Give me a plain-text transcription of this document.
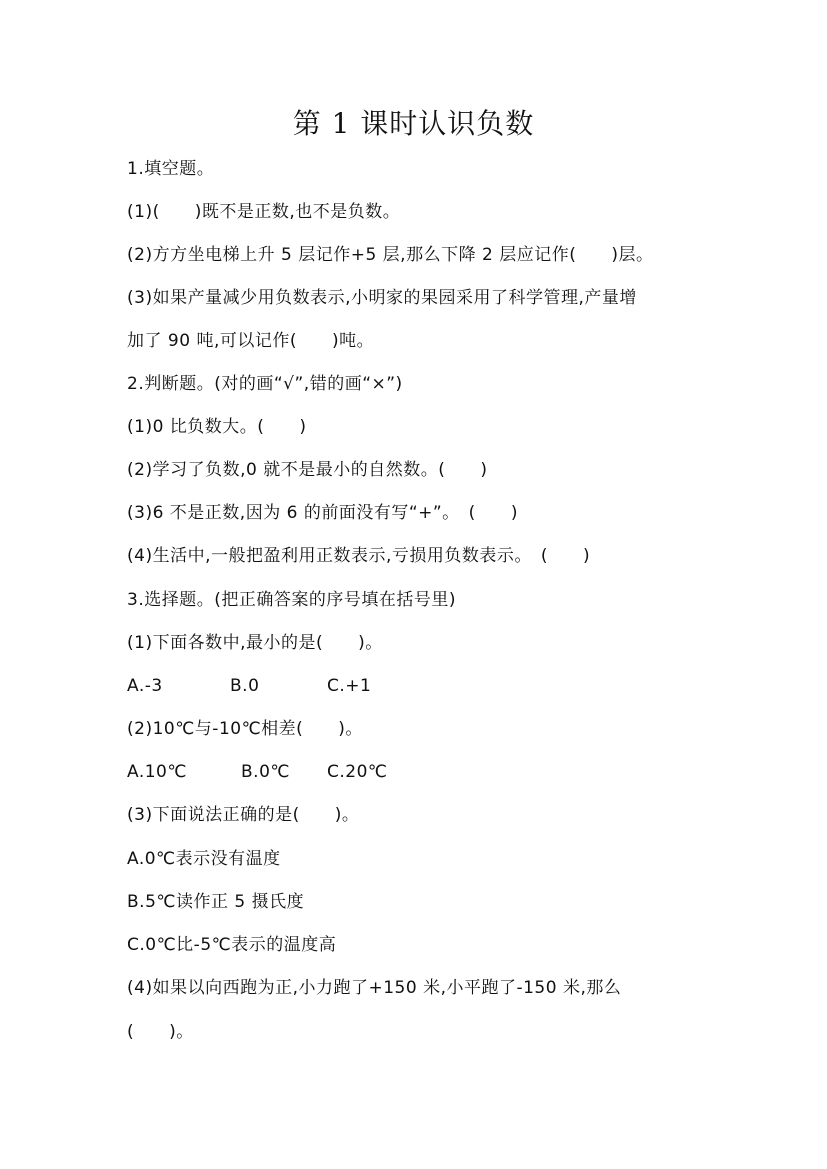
第 1 课时认识负数
1.填空题。
(1)(　　)既不是正数,也不是负数。
(2)方方坐电梯上升 5 层记作+5 层,那么下降 2 层应记作(　　)层。
(3)如果产量减少用负数表示,小明家的果园采用了科学管理,产量增
加了 90 吨,可以记作(　　)吨。
2.判断题。(对的画“√”,错的画“×”)
(1)0 比负数大。(　　)
(2)学习了负数,0 就不是最小的自然数。(　　)
(3)6 不是正数,因为 6 的前面没有写“+”。　(　　)
(4)生活中,一般把盈利用正数表示,亏损用负数表示。　(　　)
3.选择题。(把正确答案的序号填在括号里)
(1)下面各数中,最小的是(　　)。
A.-3	B.0	C.+1
(2)10℃与-10℃相差(　　)。
A.10℃	B.0℃	C.20℃
(3)下面说法正确的是(　　)。
A.0℃表示没有温度
B.5℃读作正 5 摄氏度
C.0℃比-5℃表示的温度高
(4)如果以向西跑为正,小力跑了+150 米,小平跑了-150 米,那么
(　　)。
